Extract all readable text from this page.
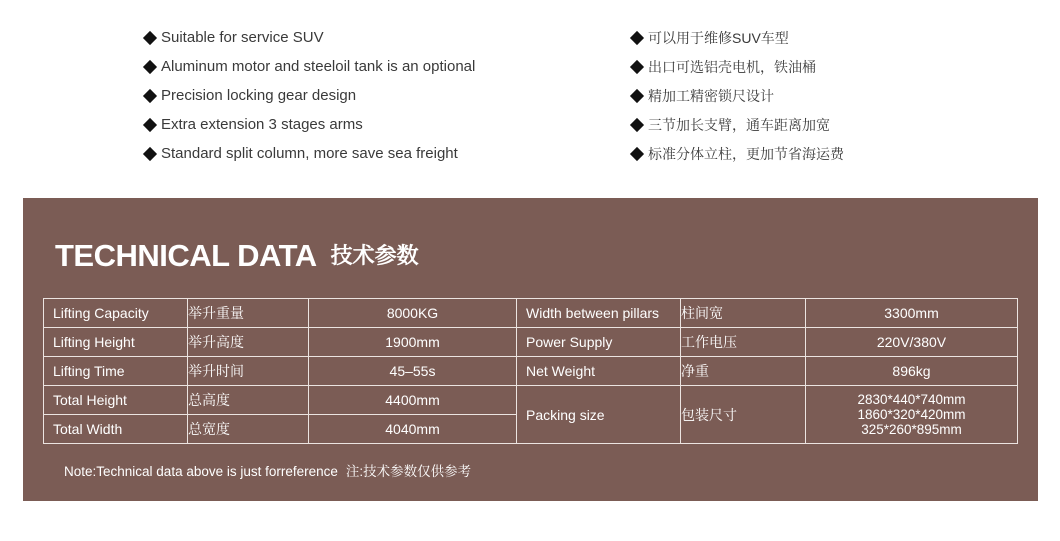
Suitable for service SUV
Aluminum motor and steeloil tank is an optional
Precision locking gear design
Extra extension 3 stages arms
Standard split column, more save sea freight
可以用于维修SUV车型
出口可选铝壳电机，铁油桶
精加工精密锁尺设计
三节加长支臂，通车距离加宽
标准分体立柱，更加节省海运费
TECHNICAL DATA 技术参数
Lifting Capacity	举升重量	8000KG	Width between pillars	柱间宽	3300mm
Lifting Height	举升高度	1900mm	Power Supply	工作电压	220V/380V
Lifting Time	举升时间	45–55s	Net Weight	净重	896kg
Total Height	总高度	4400mm	Packing size	包装尺寸	2830*440*740mm
1860*320*420mm
325*260*895mm

Total Width	总宽度	4040mm			
Note:Technical data above is just forreference 注:技术参数仅供参考
